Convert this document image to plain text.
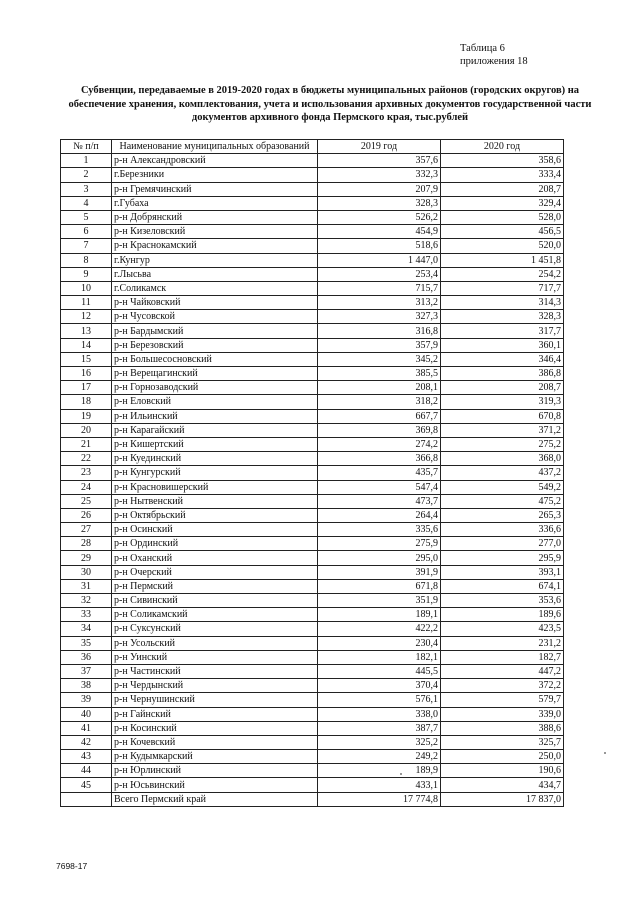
Таблица 6
приложения 18
Субвенции, передаваемые в 2019-2020 годах в бюджеты муниципальных районов (городских округов) на обеспечение хранения, комплектования, учета и использования архивных документов государственной части документов архивного фонда Пермского края, тыс.рублей
№ п/п	Наименование муниципальных образований	2019 год	2020 год
1	р-н Александровский	357,6	358,6
2	г.Березники	332,3	333,4
3	р-н Гремячинский	207,9	208,7
4	г.Губаха	328,3	329,4
5	р-н Добрянский	526,2	528,0
6	р-н Кизеловский	454,9	456,5
7	р-н Краснокамский	518,6	520,0
8	г.Кунгур	1 447,0	1 451,8
9	г.Лысьва	253,4	254,2
10	г.Соликамск	715,7	717,7
11	р-н Чайковский	313,2	314,3
12	р-н Чусовской	327,3	328,3
13	р-н Бардымский	316,8	317,7
14	р-н Березовский	357,9	360,1
15	р-н Большесосновский	345,2	346,4
16	р-н Верещагинский	385,5	386,8
17	р-н Горнозаводский	208,1	208,7
18	р-н Еловский	318,2	319,3
19	р-н Ильинский	667,7	670,8
20	р-н Карагайский	369,8	371,2
21	р-н Кишертский	274,2	275,2
22	р-н Куединский	366,8	368,0
23	р-н Кунгурский	435,7	437,2
24	р-н Красновишерский	547,4	549,2
25	р-н Нытвенский	473,7	475,2
26	р-н Октябрьский	264,4	265,3
27	р-н Осинский	335,6	336,6
28	р-н Ординский	275,9	277,0
29	р-н Оханский	295,0	295,9
30	р-н Очерский	391,9	393,1
31	р-н Пермский	671,8	674,1
32	р-н Сивинский	351,9	353,6
33	р-н Соликамский	189,1	189,6
34	р-н Суксунский	422,2	423,5
35	р-н Усольский	230,4	231,2
36	р-н Уинский	182,1	182,7
37	р-н Частинский	445,5	447,2
38	р-н Чердынский	370,4	372,2
39	р-н Чернушинский	576,1	579,7
40	р-н Гайнский	338,0	339,0
41	р-н Косинский	387,7	388,6
42	р-н Кочевский	325,2	325,7
43	р-н Кудымкарский	249,2	250,0
44	р-н Юрлинский	189,9	190,6
45	р-н Юсьвинский	433,1	434,7
	Всего Пермский край	17 774,8	17 837,0
7698-17
